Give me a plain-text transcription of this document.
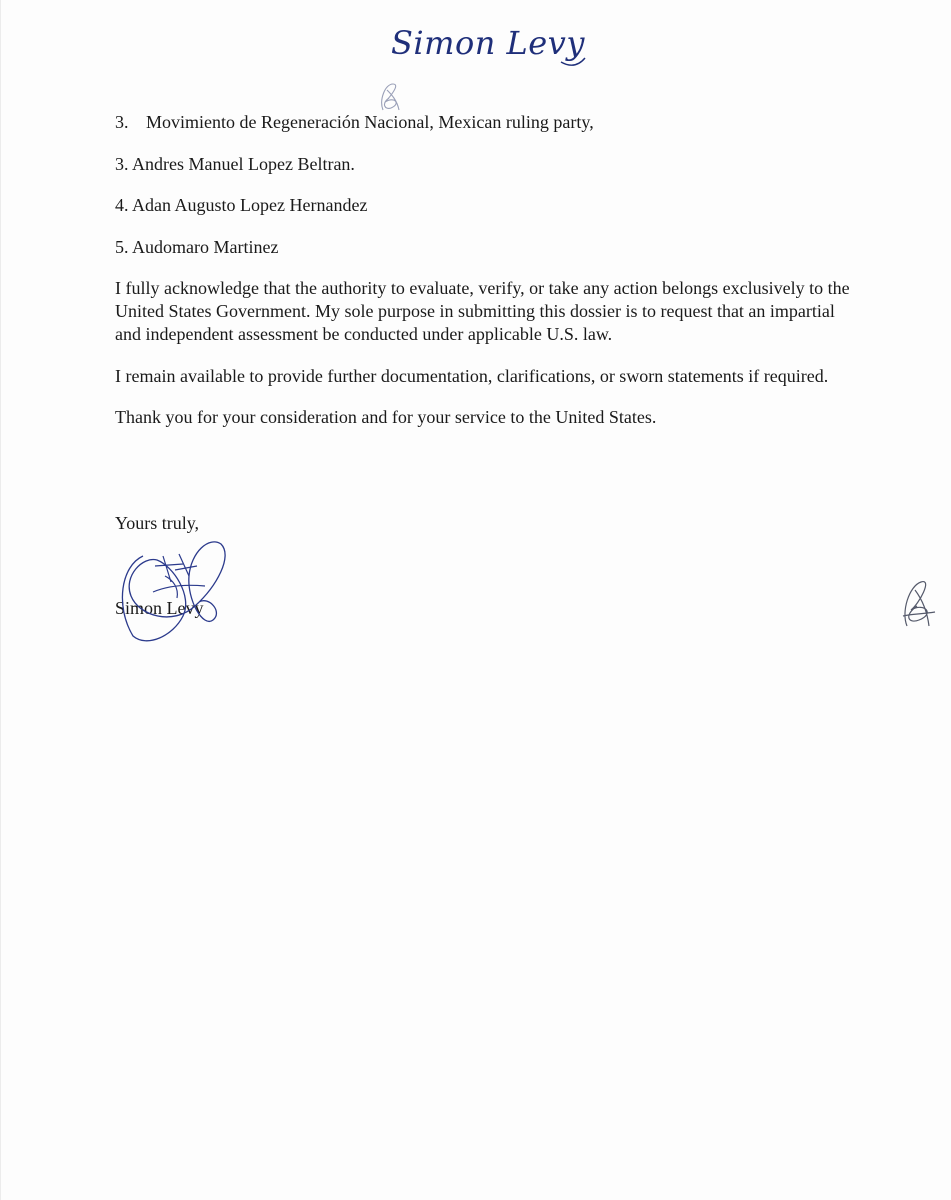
Simon Levy

3. Movimiento de Regeneración Nacional, Mexican ruling party,

3. Andres Manuel Lopez Beltran.

4. Adan Augusto Lopez Hernandez

5. Audomaro Martinez

I fully acknowledge that the authority to evaluate, verify, or take any action belongs exclusively to the United States Government. My sole purpose in submitting this dossier is to request that an impartial and independent assessment be conducted under applicable U.S. law.

I remain available to provide further documentation, clarifications, or sworn statements if required.

Thank you for your consideration and for your service to the United States.

Yours truly,
Simon Levy
